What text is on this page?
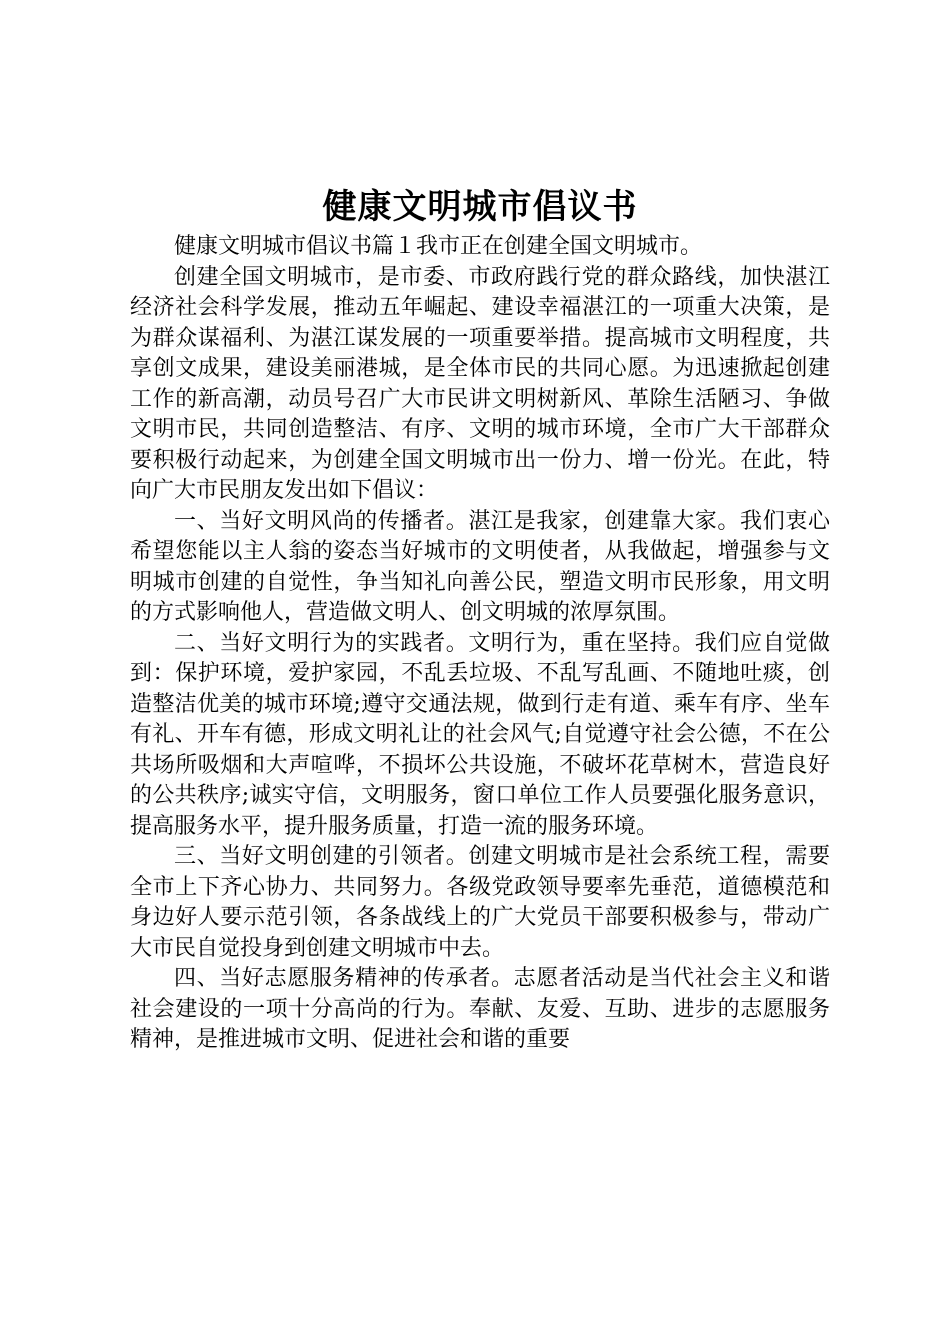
健康文明城市倡议书

健康文明城市倡议书篇１我市正在创建全国文明城市。

创建全国文明城市，是市委、市政府践行党的群众路线，加快湛江经济社会科学发展，推动五年崛起、建设幸福湛江的一项重大决策，是为群众谋福利、为湛江谋发展的一项重要举措。提高城市文明程度，共享创文成果，建设美丽港城，是全体市民的共同心愿。为迅速掀起创建工作的新高潮，动员号召广大市民讲文明树新风、革除生活陋习、争做文明市民，共同创造整洁、有序、文明的城市环境，全市广大干部群众要积极行动起来，为创建全国文明城市出一份力、增一份光。在此，特向广大市民朋友发出如下倡议：

一、当好文明风尚的传播者。湛江是我家，创建靠大家。我们衷心希望您能以主人翁的姿态当好城市的文明使者，从我做起，增强参与文明城市创建的自觉性，争当知礼向善公民，塑造文明市民形象，用文明的方式影响他人，营造做文明人、创文明城的浓厚氛围。

二、当好文明行为的实践者。文明行为，重在坚持。我们应自觉做到：保护环境，爱护家园，不乱丢垃圾、不乱写乱画、不随地吐痰，创造整洁优美的城市环境;遵守交通法规，做到行走有道、乘车有序、坐车有礼、开车有德，形成文明礼让的社会风气;自觉遵守社会公德，不在公共场所吸烟和大声喧哗，不损坏公共设施，不破坏花草树木，营造良好的公共秩序;诚实守信，文明服务，窗口单位工作人员要强化服务意识，提高服务水平，提升服务质量，打造一流的服务环境。

三、当好文明创建的引领者。创建文明城市是社会系统工程，需要全市上下齐心协力、共同努力。各级党政领导要率先垂范，道德模范和身边好人要示范引领，各条战线上的广大党员干部要积极参与，带动广大市民自觉投身到创建文明城市中去。

四、当好志愿服务精神的传承者。志愿者活动是当代社会主义和谐社会建设的一项十分高尚的行为。奉献、友爱、互助、进步的志愿服务精神，是推进城市文明、促进社会和谐的重要
